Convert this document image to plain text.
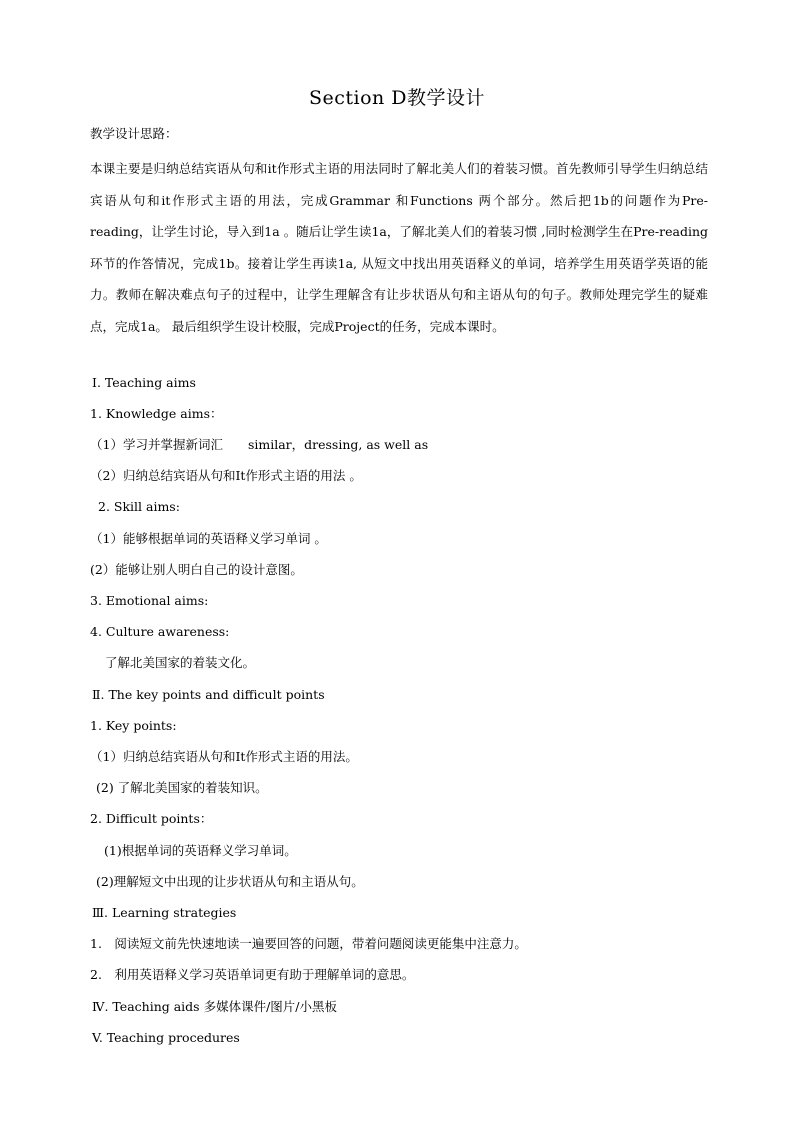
Section D教学设计
教学设计思路：
本课主要是归纳总结宾语从句和it作形式主语的用法同时了解北美人们的着装习惯。首先教师引导学生归纳总结宾语从句和it作形式主语的用法，完成Grammar 和Functions 两个部分。然后把1b的问题作为Pre-reading，让学生讨论，导入到1a 。随后让学生读1a，了解北美人们的着装习惯 ,同时检测学生在Pre-reading 环节的作答情况，完成1b。接着让学生再读1a, 从短文中找出用英语释义的单词，培养学生用英语学英语的能力。教师在解决难点句子的过程中，让学生理解含有让步状语从句和主语从句的句子。教师处理完学生的疑难点，完成1a。 最后组织学生设计校服，完成Project的任务，完成本课时。
Ⅰ. Teaching aims
1. Knowledge aims：
（1）学习并掌握新词汇　　similar，dressing, as well as
（2）归纳总结宾语从句和It作形式主语的用法 。
2. Skill aims:
（1）能够根据单词的英语释义学习单词 。
(2）能够让别人明白自己的设计意图。
3. Emotional aims:
4. Culture awareness:
了解北美国家的着装文化。
Ⅱ. The key points and difficult points
1. Key points:
（1）归纳总结宾语从句和It作形式主语的用法。
(2) 了解北美国家的着装知识。
2. Difficult points：
(1)根据单词的英语释义学习单词。
(2)理解短文中出现的让步状语从句和主语从句。
Ⅲ. Learning strategies
1.　阅读短文前先快速地读一遍要回答的问题，带着问题阅读更能集中注意力。
2.　利用英语释义学习英语单词更有助于理解单词的意思。
Ⅳ. Teaching aids 多媒体课件/图片/小黑板
V. Teaching procedures
